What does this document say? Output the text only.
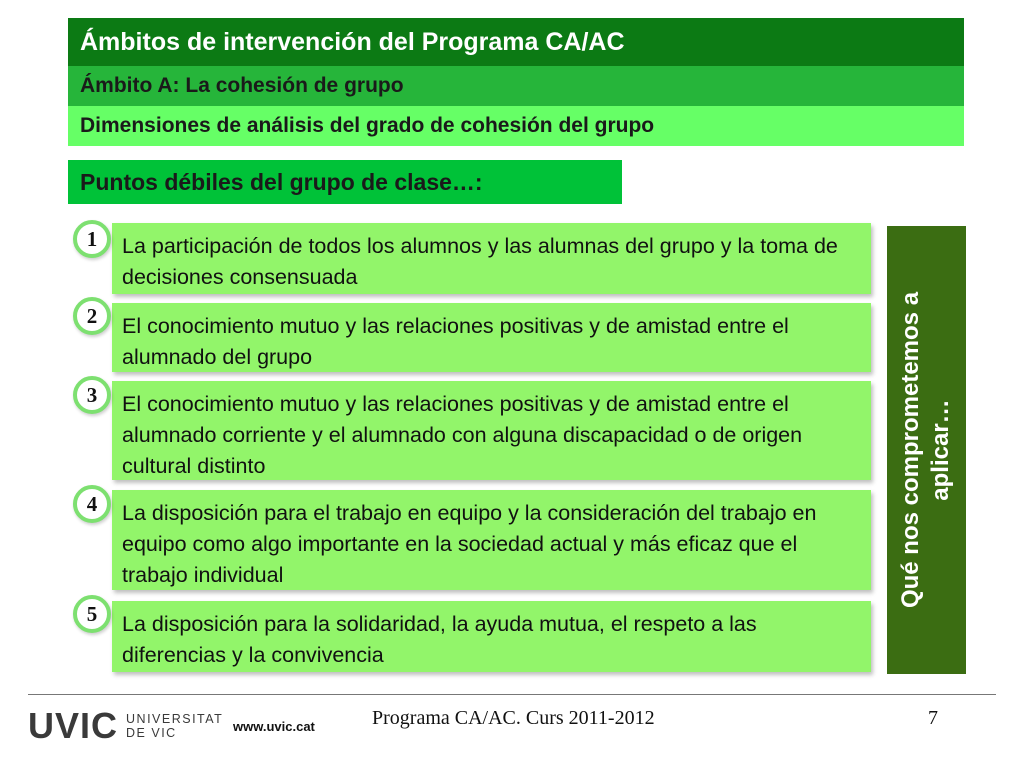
Ámbitos de intervención del Programa CA/AC
Ámbito A: La cohesión de grupo
Dimensiones de análisis del grado de cohesión del grupo
Puntos débiles del grupo de clase…:
La participación de todos los alumnos y las alumnas del grupo y la toma de decisiones consensuada
1
El conocimiento mutuo y las relaciones positivas y de amistad entre el alumnado del grupo
2
El conocimiento mutuo y las relaciones positivas y de amistad entre el alumnado corriente y el alumnado con alguna discapacidad o de origen cultural distinto
3
La disposición para el trabajo en equipo y la consideración del trabajo en equipo como algo importante en la sociedad actual y más eficaz que el trabajo individual
4
La disposición para la solidaridad, la ayuda mutua, el respeto a las diferencias y la convivencia
5
Qué nos comprometemos a aplicar…
UVIC UNIVERSITAT
DE VIC	www.uvic.cat	Programa CA/AC. Curs 2011-2012	7
